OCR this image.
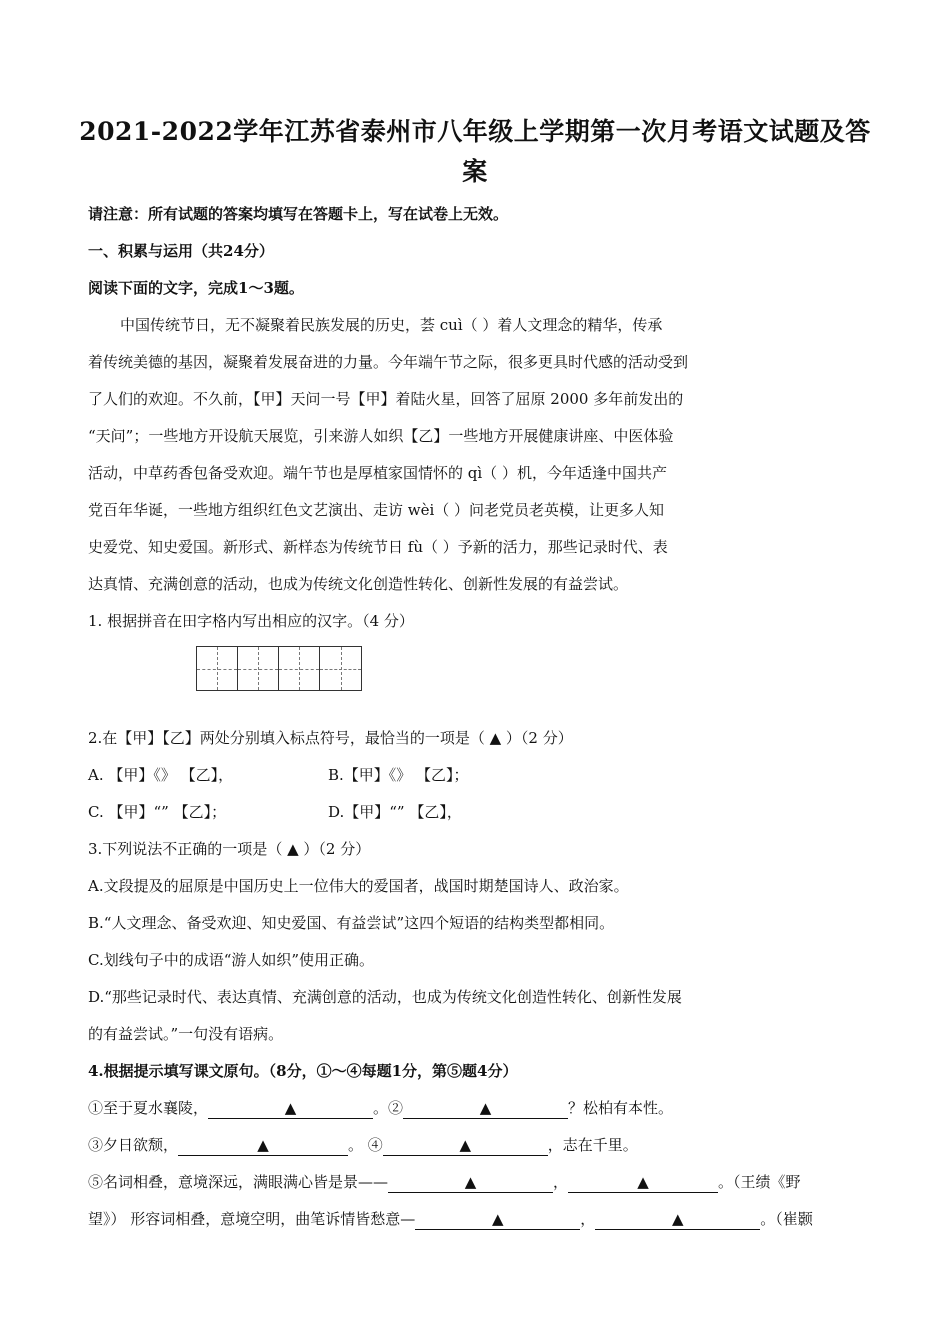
2021-2022学年江苏省泰州市八年级上学期第一次月考语文试题及答案
请注意：所有试题的答案均填写在答题卡上，写在试卷上无效。
一、积累与运用（共24分）
阅读下面的文字，完成1～3题。
中国传统节日，无不凝聚着民族发展的历史，荟 cuì（ ）着人文理念的精华，传承
着传统美德的基因，凝聚着发展奋进的力量。今年端午节之际，很多更具时代感的活动受到
了人们的欢迎。不久前，【甲】天问一号【甲】着陆火星，回答了屈原 2000 多年前发出的
“天问”；一些地方开设航天展览，引来游人如织【乙】一些地方开展健康讲座、中医体验
活动，中草药香包备受欢迎。端午节也是厚植家国情怀的 qì（ ）机，今年适逢中国共产
党百年华诞，一些地方组织红色文艺演出、走访 wèi（ ）问老党员老英模，让更多人知
史爱党、知史爱国。新形式、新样态为传统节日 fù（ ）予新的活力，那些记录时代、表
达真情、充满创意的活动，也成为传统文化创造性转化、创新性发展的有益尝试。
1. 根据拼音在田字格内写出相应的汉字。（4 分）
2.在【甲】【乙】两处分别填入标点符号，最恰当的一项是（ ▲ ）（2 分）
A. 【甲】《》 【乙】，	B.【甲】《》 【乙】；
C. 【甲】“” 【乙】；	D.【甲】“” 【乙】，
3.下列说法不正确的一项是（ ▲ ）（2 分）
A.文段提及的屈原是中国历史上一位伟大的爱国者，战国时期楚国诗人、政治家。
B.“人文理念、备受欢迎、知史爱国、有益尝试”这四个短语的结构类型都相同。
C.划线句子中的成语“游人如织”使用正确。
D.“那些记录时代、表达真情、充满创意的活动，也成为传统文化创造性转化、创新性发展
的有益尝试。”一句没有语病。
4.根据提示填写课文原句。（8分，①～④每题1分，第⑤题4分）
①至于夏水襄陵，	▲	。②	▲	？松柏有本性。
③夕日欲颓，	▲	。 ④	▲	，志在千里。
⑤名词相叠，意境深远，满眼满心皆是景——	▲	，	▲	。（王绩《野
望》） 形容词相叠，意境空明，曲笔诉情皆愁意—	▲	，	▲	。（崔颢
